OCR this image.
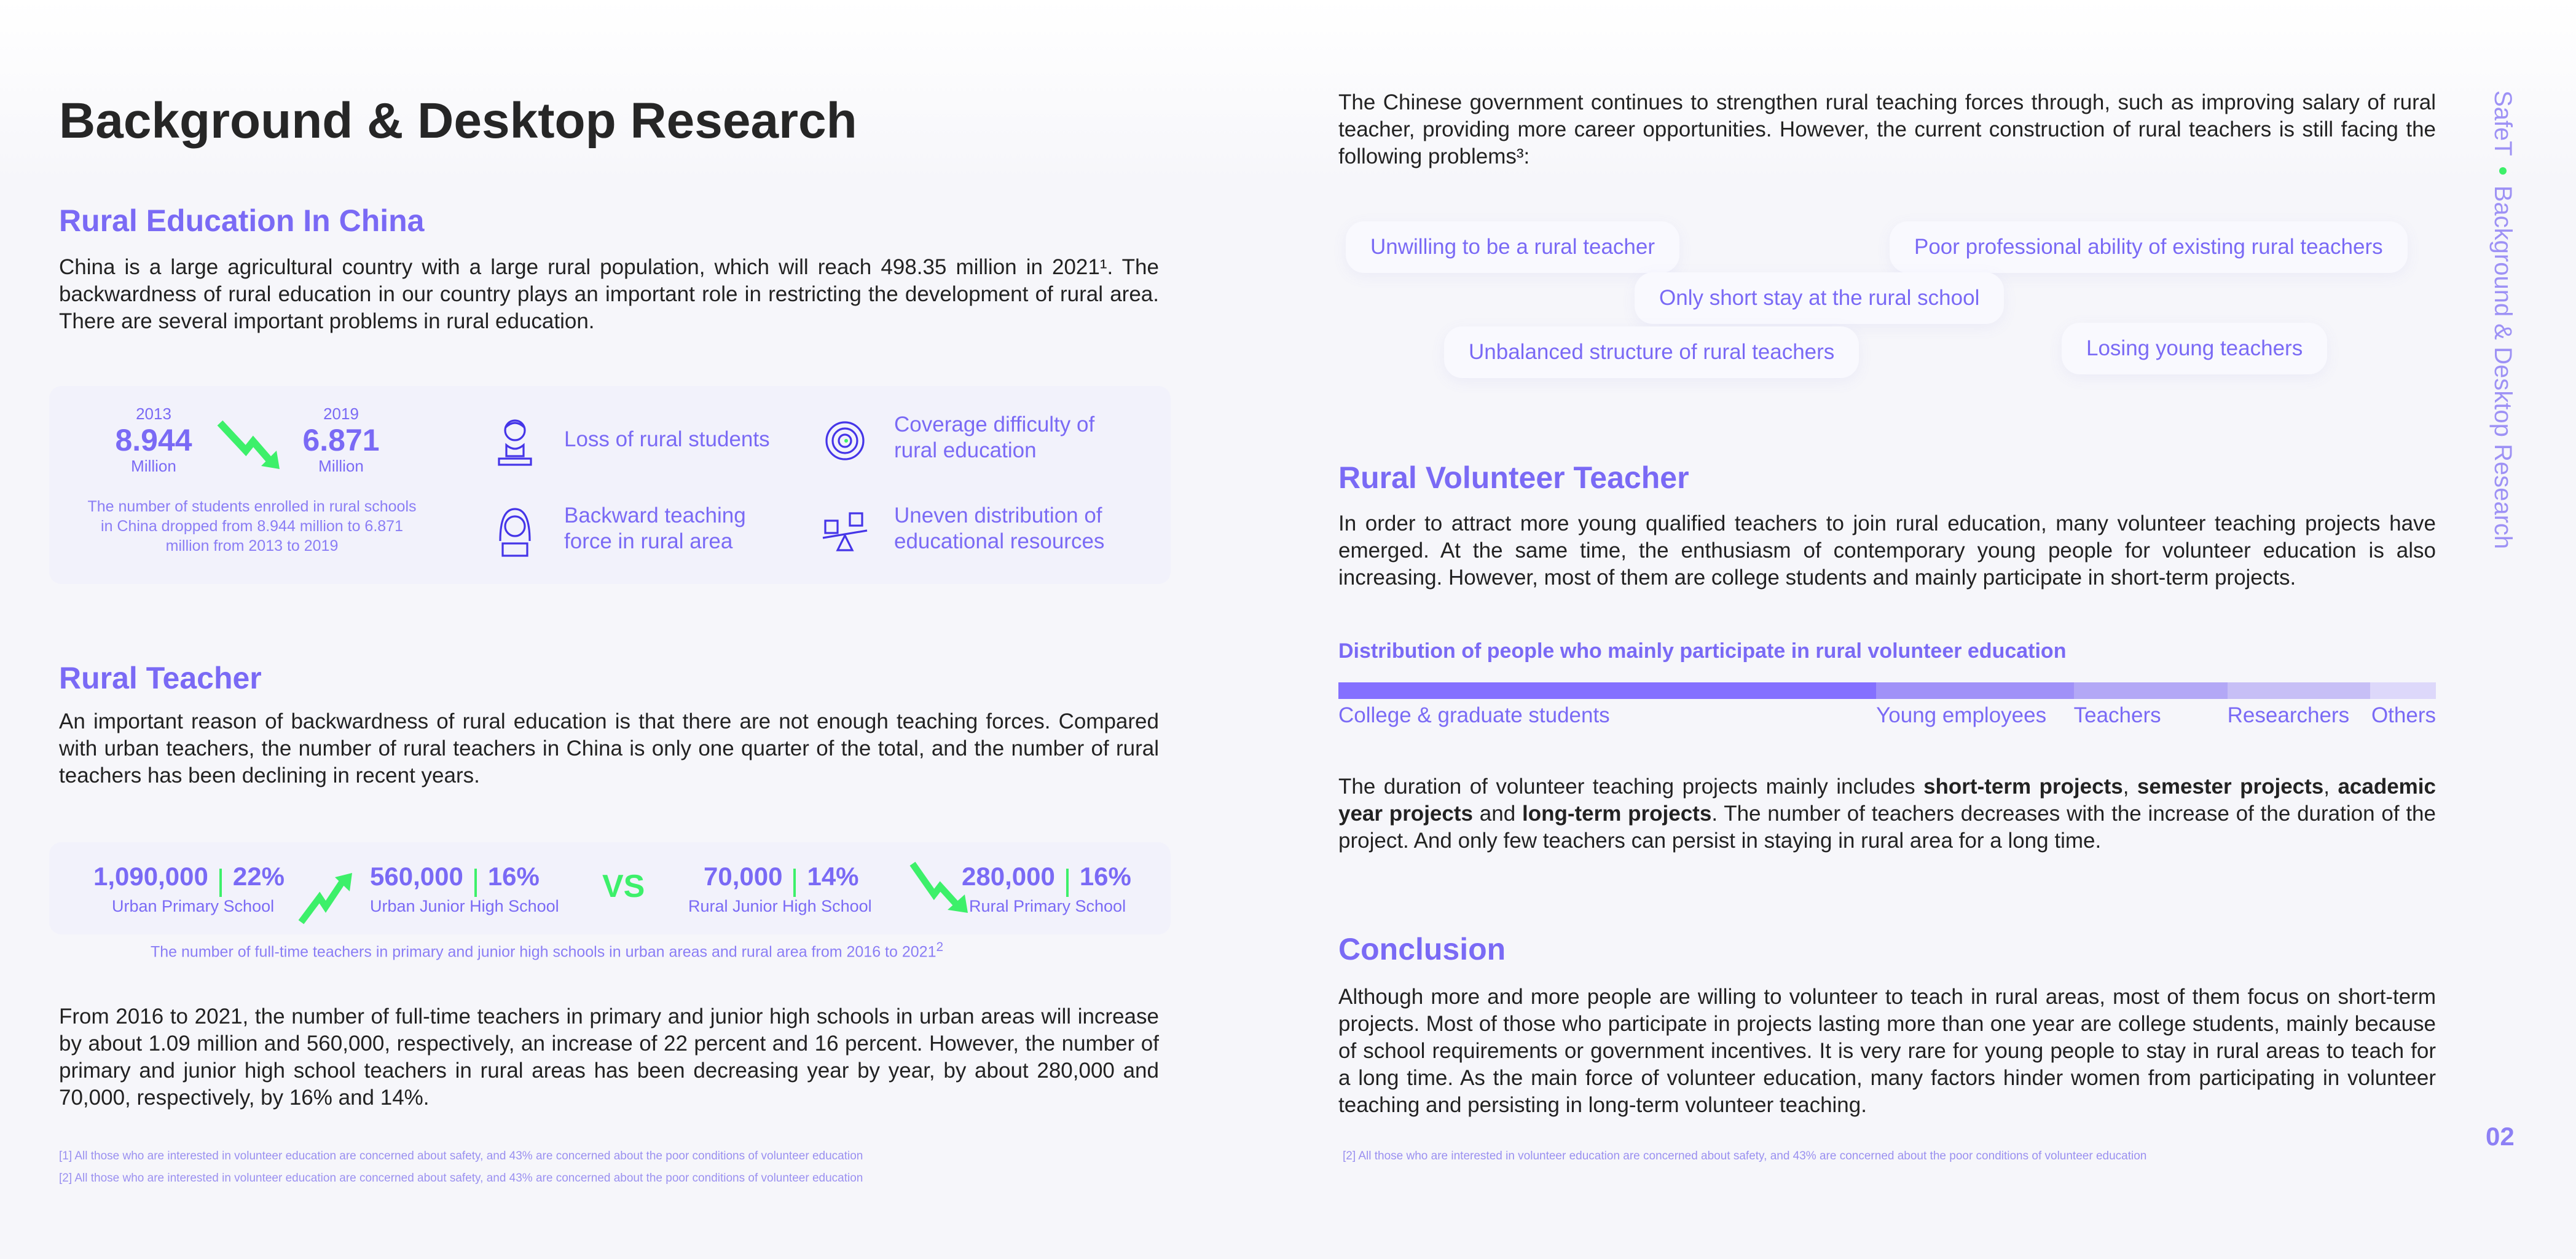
Background & Desktop Research
Rural Education In China

China is a large agricultural country with a large rural population, which will reach 498.35 million in 2021¹. The backwardness of rural education in our country plays an important role in restricting the development of rural area. There are several important problems in rural education.

2013
8.944
Million
2019
6.871
Million
The number of students enrolled in rural schools in China dropped from 8.944 million to 6.871 million from 2013 to 2019
Loss of rural students
Coverage difficulty of rural education
Backward teaching force in rural area
Uneven distribution of educational resources
Rural Teacher

An important reason of backwardness of rural education is that there are not enough teaching forces. Compared with urban teachers, the number of rural teachers in China is only one quarter of the total, and the number of rural teachers has been declining in recent years.

1,090,000 22%
Urban Primary School
560,000 16%
Urban Junior High School
VS	70,000 14%
Rural Junior High School
280,000 16%
Rural Primary School
The number of full-time teachers in primary and junior high schools in urban areas and rural area from 2016 to 2021$^2$

From 2016 to 2021, the number of full-time teachers in primary and junior high schools in urban areas will increase by about 1.09 million and 560,000, respectively, an increase of 22 percent and 16 percent. However, the number of primary and junior high school teachers in rural areas has been decreasing year by year, by about 280,000 and 70,000, respectively, by 16% and 14%.

[1] All those who are interested in volunteer education are concerned about safety, and 43% are concerned about the poor conditions of volunteer education
[2] All those who are interested in volunteer education are concerned about safety, and 43% are concerned about the poor conditions of volunteer education

The Chinese government continues to strengthen rural teaching forces through, such as improving salary of rural teacher, providing more career opportunities. However, the current construction of rural teachers is still facing the following problems³:

Unwilling to be a rural teacher	Poor professional ability of existing rural teachers
Only short stay at the rural school
Unbalanced structure of rural teachers	Losing young teachers
Rural Volunteer Teacher

In order to attract more young qualified teachers to join rural education, many volunteer teaching projects have emerged. At the same time, the enthusiasm of contemporary young people for volunteer education is also increasing. However, most of them are college students and mainly participate in short-term projects.

Distribution of people who mainly participate in rural volunteer education
College & graduate students	Young employees Teachers	Researchers Others

The duration of volunteer teaching projects mainly includes short-term projects, semester projects, academic year projects and long-term projects. The number of teachers decreases with the increase of the duration of the project. And only few teachers can persist in staying in rural area for a long time.

Conclusion

Although more and more people are willing to volunteer to teach in rural areas, most of them focus on short-term projects. Most of those who participate in projects lasting more than one year are college students, mainly because of school requirements or government incentives. It is very rare for young people to stay in rural areas to teach for a long time. As the main force of volunteer education, many factors hinder women from participating in volunteer teaching and persisting in long-term volunteer teaching.

[2] All those who are interested in volunteer education are concerned about safety, and 43% are concerned about the poor conditions of volunteer education
SafeTBackground & Desktop Research
02
